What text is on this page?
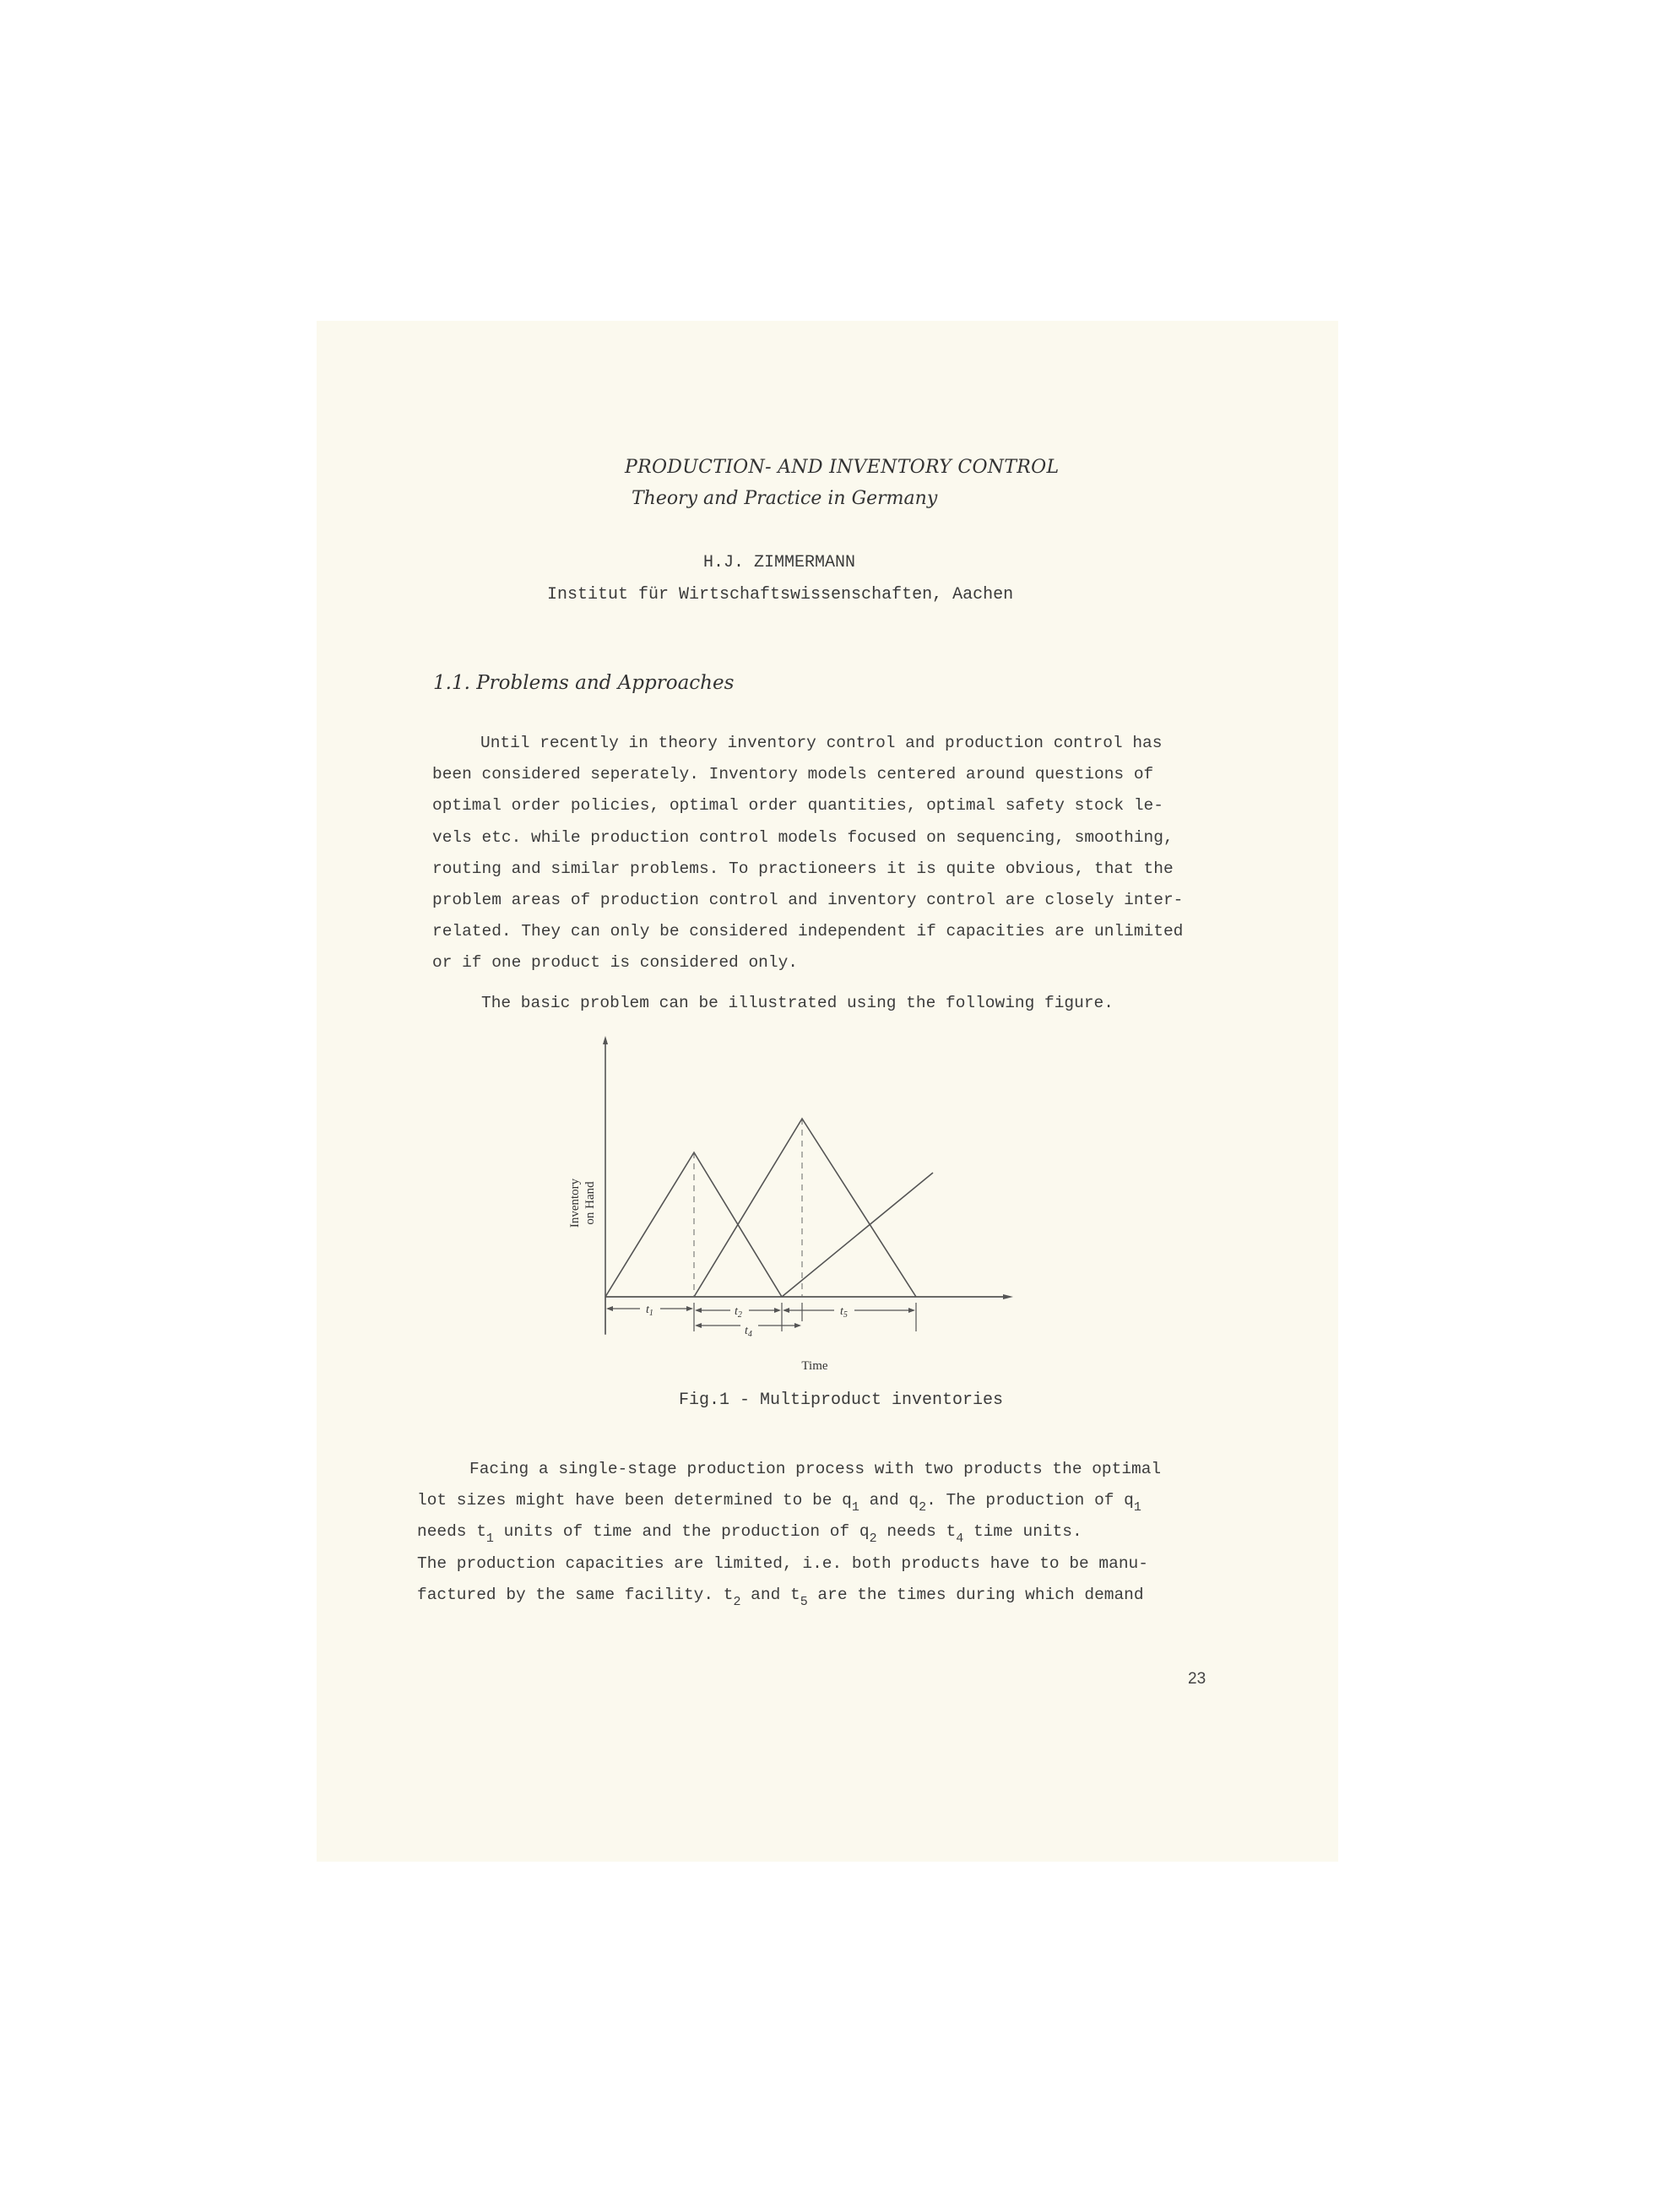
PRODUCTION- AND INVENTORY CONTROL
Theory and Practice in Germany
H.J. ZIMMERMANN
Institut für Wirtschaftswissenschaften, Aachen
1.1. Problems and Approaches

Until recently in theory inventory control and production control has

been considered seperately. Inventory models centered around questions of

optimal order policies, optimal order quantities, optimal safety stock le-

vels etc. while production control models focused on sequencing, smoothing,

routing and similar problems. To practioneers it is quite obvious, that the

problem areas of production control and inventory control are closely inter-

related. They can only be considered independent if capacities are unlimited

or if one product is considered only.

The basic problem can be illustrated using the following figure.

$t_1$	$t_2$
$t_4$
$t_5$
Inventory on Hand
Time
Fig.1 - Multiproduct inventories

Facing a single-stage production process with two products the optimal

lot sizes might have been determined to be $q_1$ and $q_2$. The production of $q_1$

needs $t_1$ units of time and the production of $q_2$ needs $t_4$ time units.

The production capacities are limited, i.e. both products have to be manu-

factured by the same facility. $t_2$ and $t_5$ are the times during which demand

23
